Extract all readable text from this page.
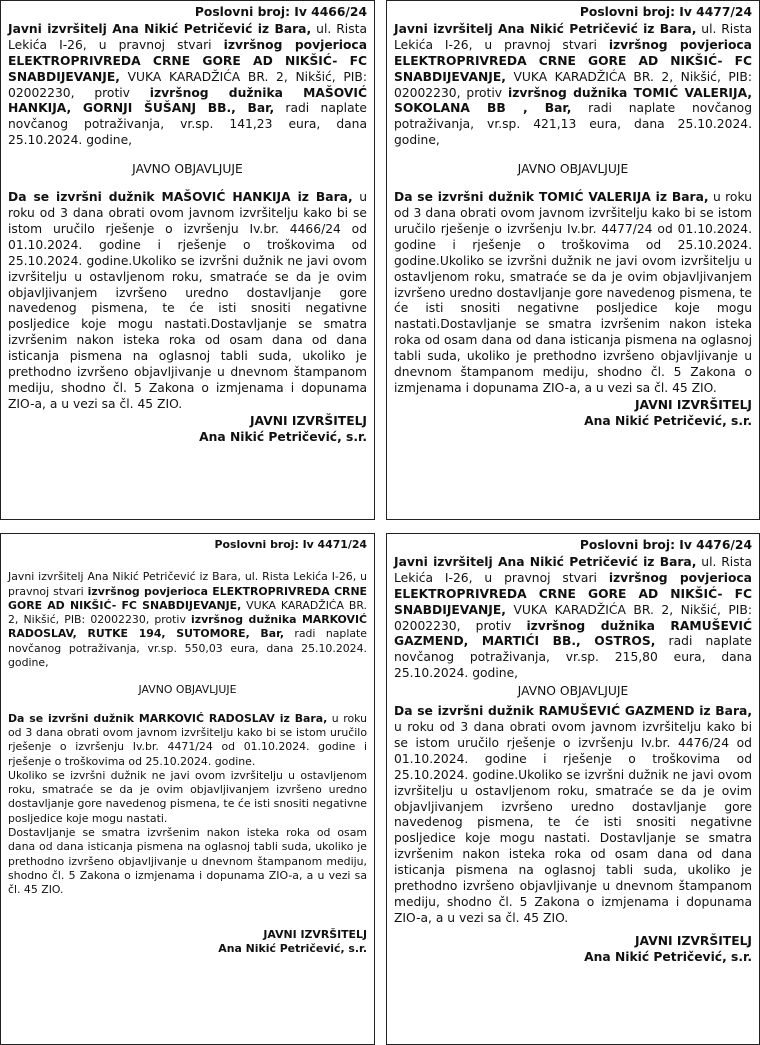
Poslovni broj: Iv 4466/24

Javni izvršitelj Ana Nikić Petričević iz Bara, ul. Rista Lekića I-26, u pravnoj stvari izvršnog povjerioca ELEKTROPRIVREDA CRNE GORE AD NIKŠIĆ- FC SNABDIJEVANJE, VUKA KARADŽIĆA BR. 2, Nikšić, PIB: 02002230, protiv izvršnog dužnika MAŠOVIĆ HANKIJA, GORNJI ŠUŠANJ BB., Bar, radi naplate novčanog potraživanja, vr.sp. 141,23 eura, dana 25.10.2024. godine,

JAVNO OBJAVLJUJE

Da se izvršni dužnik MAŠOVIĆ HANKIJA iz Bara, u roku od 3 dana obrati ovom javnom izvršitelju kako bi se istom uručilo rješenje o izvršenju Iv.br. 4466/24 od 01.10.2024. godine i rješenje o troškovima od 25.10.2024. godine.Ukoliko se izvršni dužnik ne javi ovom izvršitelju u ostavljenom roku, smatraće se da je ovim objavljivanjem izvršeno uredno dostavljanje gore navedenog pismena, te će isti snositi negativne posljedice koje mogu nastati.Dostavljanje se smatra izvršenim nakon isteka roka od osam dana od dana isticanja pismena na oglasnoj tabli suda, ukoliko je prethodno izvršeno objavljivanje u dnevnom štampanom mediju, shodno čl. 5 Zakona o izmjenama i dopunama ZIO-a, a u vezi sa čl. 45 ZIO.

JAVNI IZVRŠITELJ
Ana Nikić Petričević, s.r.
Poslovni broj: Iv 4477/24

Javni izvršitelj Ana Nikić Petričević iz Bara, ul. Rista Lekića I-26, u pravnoj stvari izvršnog povjerioca ELEKTROPRIVREDA CRNE GORE AD NIKŠIĆ- FC SNABDIJEVANJE, VUKA KARADŽIĆA BR. 2, Nikšić, PIB: 02002230, protiv izvršnog dužnika TOMIĆ VALERIJA, SOKOLANA BB , Bar, radi naplate novčanog potraživanja, vr.sp. 421,13 eura, dana 25.10.2024. godine,

JAVNO OBJAVLJUJE

Da se izvršni dužnik TOMIĆ VALERIJA iz Bara, u roku od 3 dana obrati ovom javnom izvršitelju kako bi se istom uručilo rješenje o izvršenju Iv.br. 4477/24 od 01.10.2024. godine i rješenje o troškovima od 25.10.2024. godine.Ukoliko se izvršni dužnik ne javi ovom izvršitelju u ostavljenom roku, smatraće se da je ovim objavljivanjem izvršeno uredno dostavljanje gore navedenog pismena, te će isti snositi negativne posljedice koje mogu nastati.Dostavljanje se smatra izvršenim nakon isteka roka od osam dana od dana isticanja pismena na oglasnoj tabli suda, ukoliko je prethodno izvršeno objavljivanje u dnevnom štampanom mediju, shodno čl. 5 Zakona o izmjenama i dopunama ZIO-a, a u vezi sa čl. 45 ZIO.

JAVNI IZVRŠITELJ
Ana Nikić Petričević, s.r.
Poslovni broj: Iv 4471/24

Javni izvršitelj Ana Nikić Petričević iz Bara, ul. Rista Lekića I-26, u pravnoj stvari izvršnog povjerioca ELEKTROPRIVREDA CRNE GORE AD NIKŠIĆ- FC SNABDIJEVANJE, VUKA KARADŽIĆA BR. 2, Nikšić, PIB: 02002230, protiv izvršnog dužnika MARKOVIĆ RADOSLAV, RUTKE 194, SUTOMORE, Bar, radi naplate novčanog potraživanja, vr.sp. 550,03 eura, dana 25.10.2024. godine,

JAVNO OBJAVLJUJE

Da se izvršni dužnik MARKOVIĆ RADOSLAV iz Bara, u roku od 3 dana obrati ovom javnom izvršitelju kako bi se istom uručilo rješenje o izvršenju Iv.br. 4471/24 od 01.10.2024. godine i rješenje o troškovima od 25.10.2024. godine.

Ukoliko se izvršni dužnik ne javi ovom izvršitelju u ostavljenom roku, smatraće se da je ovim objavljivanjem izvršeno uredno dostavljanje gore navedenog pismena, te će isti snositi negativne posljedice koje mogu nastati.

Dostavljanje se smatra izvršenim nakon isteka roka od osam dana od dana isticanja pismena na oglasnoj tabli suda, ukoliko je prethodno izvršeno objavljivanje u dnevnom štampanom mediju, shodno čl. 5 Zakona o izmjenama i dopunama ZIO-a, a u vezi sa čl. 45 ZIO.

JAVNI IZVRŠITELJ
Ana Nikić Petričević, s.r.
Poslovni broj: Iv 4476/24

Javni izvršitelj Ana Nikić Petričević iz Bara, ul. Rista Lekića I-26, u pravnoj stvari izvršnog povjerioca ELEKTROPRIVREDA CRNE GORE AD NIKŠIĆ- FC SNABDIJEVANJE, VUKA KARADŽIĆA BR. 2, Nikšić, PIB: 02002230, protiv izvršnog dužnika RAMUŠEVIĆ GAZMEND, MARTIĆI BB., OSTROS, radi naplate novčanog potraživanja, vr.sp. 215,80 eura, dana 25.10.2024. godine,

JAVNO OBJAVLJUJE

Da se izvršni dužnik RAMUŠEVIĆ GAZMEND iz Bara, u roku od 3 dana obrati ovom javnom izvršitelju kako bi se istom uručilo rješenje o izvršenju Iv.br. 4476/24 od 01.10.2024. godine i rješenje o troškovima od 25.10.2024. godine.Ukoliko se izvršni dužnik ne javi ovom izvršitelju u ostavljenom roku, smatraće se da je ovim objavljivanjem izvršeno uredno dostavljanje gore navedenog pismena, te će isti snositi negativne posljedice koje mogu nastati. Dostavljanje se smatra izvršenim nakon isteka roka od osam dana od dana isticanja pismena na oglasnoj tabli suda, ukoliko je prethodno izvršeno objavljivanje u dnevnom štampanom mediju, shodno čl. 5 Zakona o izmjenama i dopunama ZIO-a, a u vezi sa čl. 45 ZIO.

JAVNI IZVRŠITELJ
Ana Nikić Petričević, s.r.
